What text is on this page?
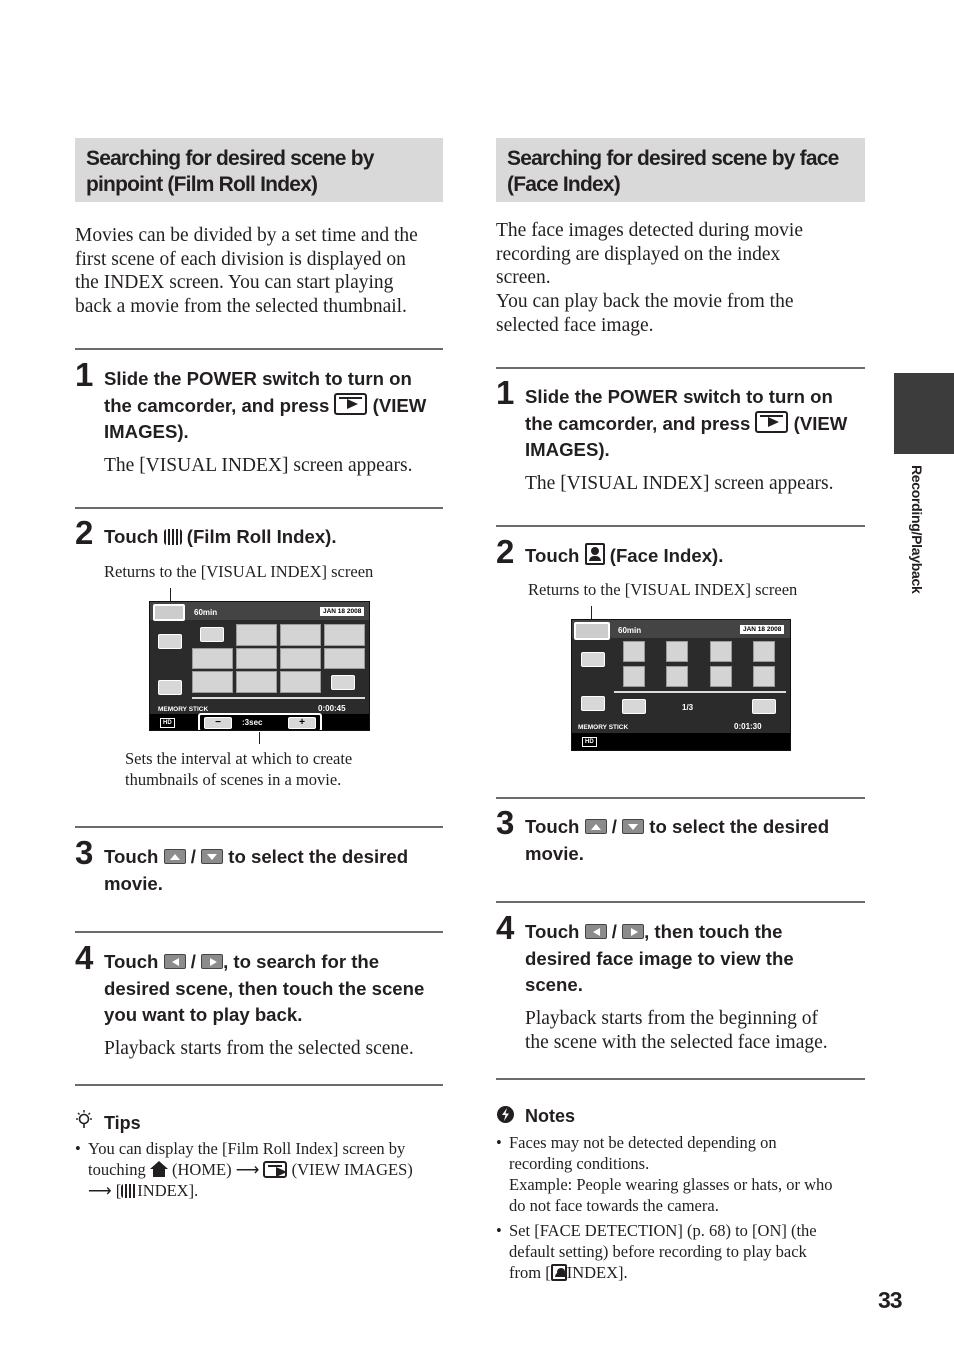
Searching for desired scene by
pinpoint (Film Roll Index)
Movies can be divided by a set time and the
first scene of each division is displayed on
the INDEX screen. You can start playing
back a movie from the selected thumbnail.
1 Slide the POWER switch to turn on
the camcorder, and press (VIEW
IMAGES).
The [VISUAL INDEX] screen appears.
2 Touch (Film Roll Index).
Returns to the [VISUAL INDEX] screen
60min	JAN 18 2008
MEMORY STICK	0:00:45
HD	−	:3sec	+
Sets the interval at which to create
thumbnails of scenes in a movie.
3 Touch / to select the desired
movie.
4 Touch / , to search for the
desired scene, then touch the scene
you want to play back.
Playback starts from the selected scene.
Tips
• You can display the [Film Roll Index] screen by
touching (HOME) ⟶ (VIEW IMAGES)
⟶ [ INDEX].
Searching for desired scene by face
(Face Index)
The face images detected during movie
recording are displayed on the index
screen.
You can play back the movie from the
selected face image.
1 Slide the POWER switch to turn on
the camcorder, and press (VIEW
IMAGES).
The [VISUAL INDEX] screen appears.
2 Touch (Face Index).
Returns to the [VISUAL INDEX] screen
60min	JAN 18 2008
1/3
MEMORY STICK	0:01:30
HD
3 Touch / to select the desired
movie.
4 Touch / , then touch the
desired face image to view the
scene.
Playback starts from the beginning of
the scene with the selected face image.
Notes
• Faces may not be detected depending on
recording conditions.
Example: People wearing glasses or hats, or who
do not face towards the camera.
• Set [FACE DETECTION] (p. 68) to [ON] (the
default setting) before recording to play back
from [ INDEX].
Recording/Playback
33
